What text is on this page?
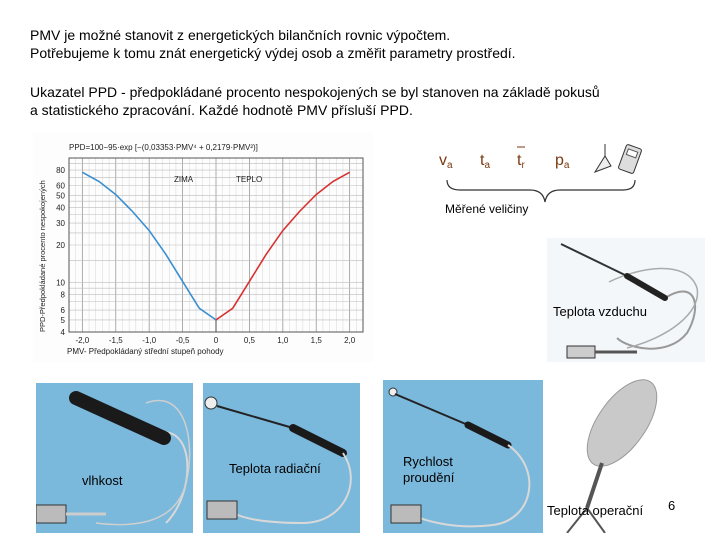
PMV je možné stanovit z energetických bilančních rovnic výpočtem.
Potřebujeme k tomu znát energetický výdej osob a změřit parametry prostředí.
Ukazatel PPD - předpokládané procento nespokojených se byl stanoven na základě pokusů
a statistického zpracování. Každé hodnotě PMV přísluší PPD.
PPD=100−95·exp [−(0,03353·PMV⁴ + 0,2179·PMV²)]
ZIMA	TEPLO
PPD-Předpokládané procento nespokojených
PMV- Předpokládaný střední stupeň pohody
-2,0 -1,5 -1,0 -0,5	0	0,5	1,0	1,5	2,0
80
60
50
40
30
20
10
8
6
5
4
va ta tr pa
Měřené veličiny
Teplota vzduchu
vlhkost
Teplota radiační	Rychlost
proudění
Teplota operační 6
